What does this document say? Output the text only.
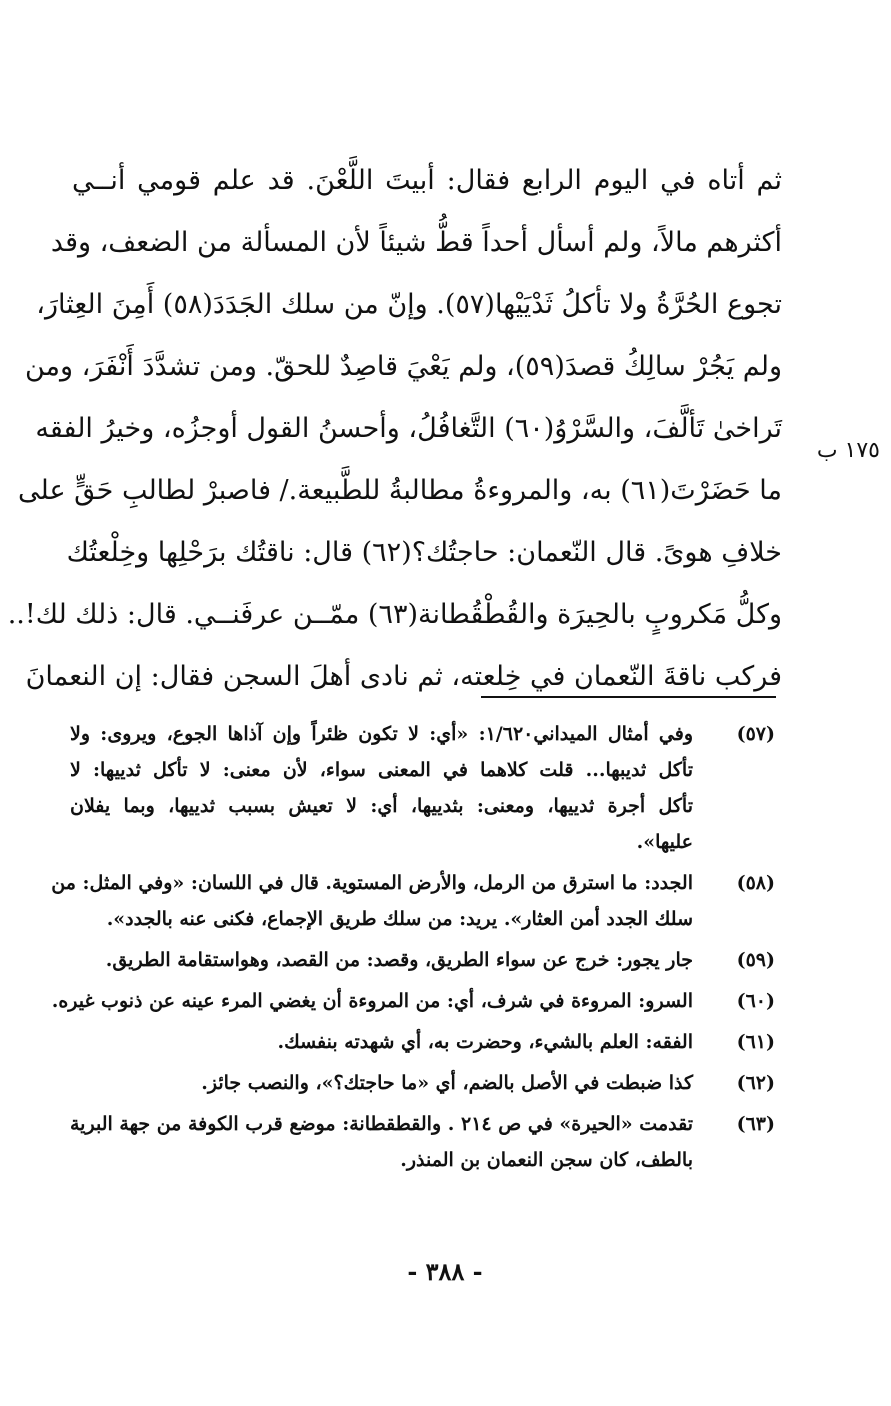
ثم أتاه في اليوم الرابع فقال: أبيتَ اللَّعْنَ. قد علم قومي أنــي
أكثرهم مالاً، ولم أسأل أحداً قطُّ شيئاً لأن المسألة من الضعف، وقد
تجوع الحُرَّةُ ولا تأكلُ ثَدْيَيْها(٥٧). وإنّ من سلك الجَدَدَ(٥٨) أَمِنَ العِثارَ،
ولم يَجُرْ سالِكُ قصدَ(٥٩)، ولم يَعْيَ قاصِدٌ للحقّ. ومن تشدَّدَ أَنْفَرَ، ومن
تَراخىٰ تَألَّفَ، والسَّرْوُ(٦٠) التَّغافُلُ، وأحسنُ القول أوجزُه، وخيرُ الفقه
ما حَضَرْتَ(٦١) به، والمروءةُ مطالبةُ للطَّبيعة./ فاصبرْ لطالبِ حَقٍّ على
خلافِ هوىً. قال النّعمان: حاجتُك؟(٦٢) قال: ناقتُك برَحْلِها وخِلْعتُك
وكلُّ مَكروبٍ بالحِيرَة والقُطْقُطانة(٦٣) ممّــن عرفَنــي. قال: ذلك لك!..
فركب ناقةَ النّعمان في خِلعته، ثم نادى أهلَ السجن فقال: إن النعمانَ
١٧٥ ب
(٥٧)
وفي أمثال الميداني١/٦٢٠: «أي: لا تكون ظئراً وإن آذاها الجوع، ويروى: ولا
تأكل ثديبها... قلت كلاهما في المعنى سواء، لأن معنى: لا تأكل ثدييها: لا
تأكل أجرة ثدييها، ومعنى: بثدييها، أي: لا تعيش بسبب ثدييها، وبما يفلان
عليها».
(٥٨)
الجدد: ما استرق من الرمل، والأرض المستوية. قال في اللسان: «وفي المثل: من
سلك الجدد أمن العثار». يريد: من سلك طريق الإجماع، فكنى عنه بالجدد».
(٥٩)
جار يجور: خرج عن سواء الطريق، وقصد: من القصد، وهواستقامة الطريق.
(٦٠)
السرو: المروءة في شرف، أي: من المروءة أن يغضي المرء عينه عن ذنوب غيره.
(٦١)
الفقه: العلم بالشيء، وحضرت به، أي شهدته بنفسك.
(٦٢)
كذا ضبطت في الأصل بالضم، أي «ما حاجتك؟»، والنصب جائز.
(٦٣)
تقدمت «الحيرة» في ص ٢١٤ . والقطقطانة: موضع قرب الكوفة من جهة البرية
بالطف، كان سجن النعمان بن المنذر.
- ٣٨٨ -
